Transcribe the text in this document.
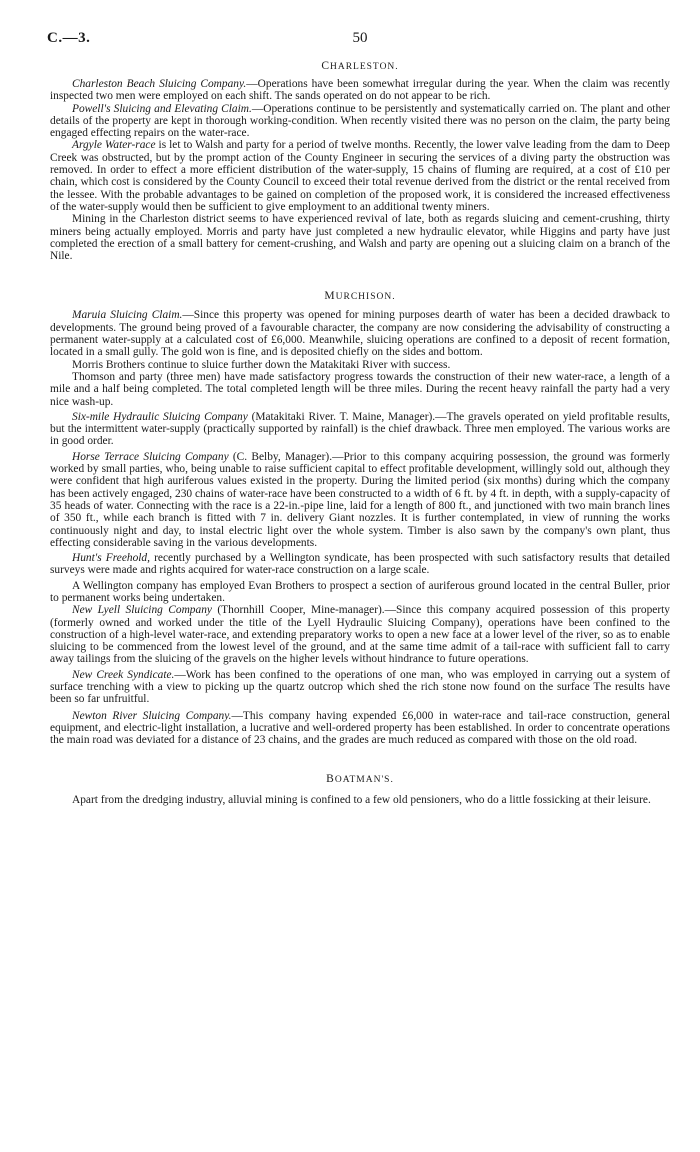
C.—3.	50
CHARLESTON.

Charleston Beach Sluicing Company.—Operations have been somewhat irregular during the year. When the claim was recently inspected two men were employed on each shift. The sands operated on do not appear to be rich.

Powell's Sluicing and Elevating Claim.—Operations continue to be persistently and systematically carried on. The plant and other details of the property are kept in thorough working-condition. When recently visited there was no person on the claim, the party being engaged effecting repairs on the water-race.

Argyle Water-race is let to Walsh and party for a period of twelve months. Recently, the lower valve leading from the dam to Deep Creek was obstructed, but by the prompt action of the County Engineer in securing the services of a diving party the obstruction was removed. In order to effect a more efficient distribution of the water-supply, 15 chains of fluming are required, at a cost of £10 per chain, which cost is considered by the County Council to exceed their total revenue derived from the district or the rental received from the lessee. With the probable advantages to be gained on completion of the proposed work, it is considered the increased effectiveness of the water-supply would then be sufficient to give employment to an additional twenty miners.

Mining in the Charleston district seems to have experienced revival of late, both as regards sluicing and cement-crushing, thirty miners being actually employed. Morris and party have just completed a new hydraulic elevator, while Higgins and party have just completed the erection of a small battery for cement-crushing, and Walsh and party are opening out a sluicing claim on a branch of the Nile.

MURCHISON.

Maruia Sluicing Claim.—Since this property was opened for mining purposes dearth of water has been a decided drawback to developments. The ground being proved of a favourable character, the company are now considering the advisability of constructing a permanent water-supply at a calculated cost of £6,000. Meanwhile, sluicing operations are confined to a deposit of recent formation, located in a small gully. The gold won is fine, and is deposited chiefly on the sides and bottom.

Morris Brothers continue to sluice further down the Matakitaki River with success.

Thomson and party (three men) have made satisfactory progress towards the construction of their new water-race, a length of a mile and a half being completed. The total completed length will be three miles. During the recent heavy rainfall the party had a very nice wash-up.

Six-mile Hydraulic Sluicing Company (Matakitaki River. T. Maine, Manager).—The gravels operated on yield profitable results, but the intermittent water-supply (practically supported by rainfall) is the chief drawback. Three men employed. The various works are in good order.

Horse Terrace Sluicing Company (C. Belby, Manager).—Prior to this company acquiring possession, the ground was formerly worked by small parties, who, being unable to raise sufficient capital to effect profitable development, willingly sold out, although they were confident that high auriferous values existed in the property. During the limited period (six months) during which the company has been actively engaged, 230 chains of water-race have been constructed to a width of 6 ft. by 4 ft. in depth, with a supply-capacity of 35 heads of water. Connecting with the race is a 22-in.-pipe line, laid for a length of 800 ft., and junctioned with two main branch lines of 350 ft., while each branch is fitted with 7 in. delivery Giant nozzles. It is further contemplated, in view of running the works continuously night and day, to instal electric light over the whole system. Timber is also sawn by the company's own plant, thus effecting considerable saving in the various developments.

Hunt's Freehold, recently purchased by a Wellington syndicate, has been prospected with such satisfactory results that detailed surveys were made and rights acquired for water-race construction on a large scale.

A Wellington company has employed Evan Brothers to prospect a section of auriferous ground located in the central Buller, prior to permanent works being undertaken.

New Lyell Sluicing Company (Thornhill Cooper, Mine-manager).—Since this company acquired possession of this property (formerly owned and worked under the title of the Lyell Hydraulic Sluicing Company), operations have been confined to the construction of a high-level water-race, and extending preparatory works to open a new face at a lower level of the river, so as to enable sluicing to be commenced from the lowest level of the ground, and at the same time admit of a tail-race with sufficient fall to carry away tailings from the sluicing of the gravels on the higher levels without hindrance to future operations.

New Creek Syndicate.—Work has been confined to the operations of one man, who was employed in carrying out a system of surface trenching with a view to picking up the quartz outcrop which shed the rich stone now found on the surface The results have been so far unfruitful.

Newton River Sluicing Company.—This company having expended £6,000 in water-race and tail-race construction, general equipment, and electric-light installation, a lucrative and well-ordered property has been established. In order to concentrate operations the main road was deviated for a distance of 23 chains, and the grades are much reduced as compared with those on the old road.

BOATMAN'S.

Apart from the dredging industry, alluvial mining is confined to a few old pensioners, who do a little fossicking at their leisure.
